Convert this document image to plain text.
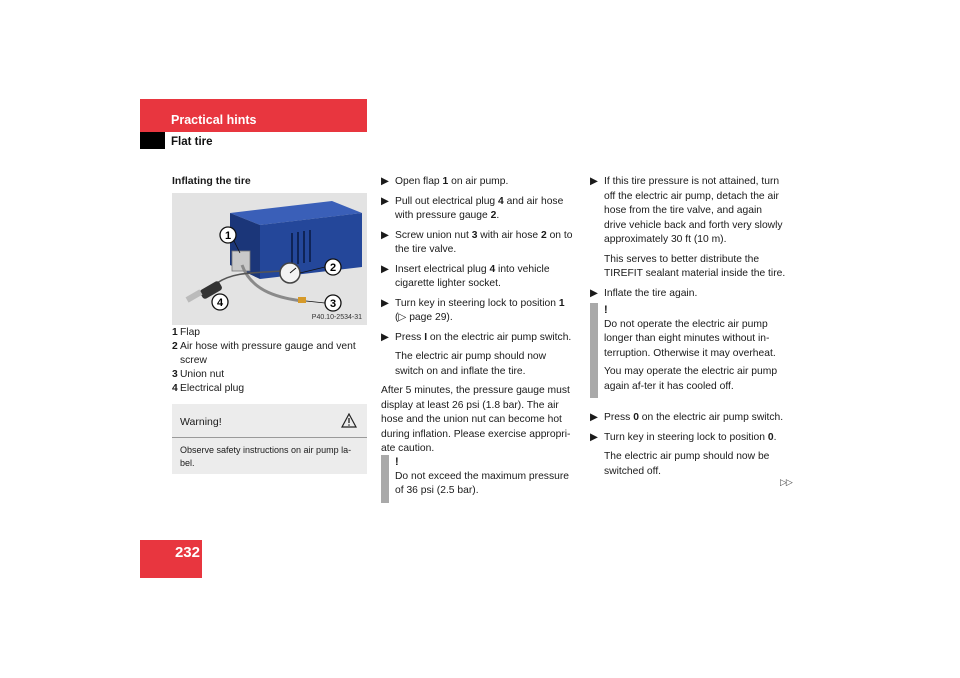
Practical hints
Flat tire
Inflating the tire
1
2
3
4
P40.10-2534-31
1 Flap
2 Air hose with pressure gauge and vent screw
3 Union nut
4 Electrical plug
Warning!
Observe safety instructions on air pump la-bel.
▶ Open flap 1 on air pump.
▶ Pull out electrical plug 4 and air hose with pressure gauge 2.
▶ Screw union nut 3 with air hose 2 on to the tire valve.
▶ Insert electrical plug 4 into vehicle cigarette lighter socket.
▶ Turn key in steering lock to position 1 (▷ page 29).
▶ Press I on the electric air pump switch.
The electric air pump should now switch on and inflate the tire.
After 5 minutes, the pressure gauge must display at least 26 psi (1.8 bar). The air hose and the union nut can become hot during inflation. Please exercise appropri-ate caution.
!

Do not exceed the maximum pressure of 36 psi (2.5 bar).

▶ If this tire pressure is not attained, turn off the electric air pump, detach the air hose from the tire valve, and again drive vehicle back and forth very slowly approximately 30 ft (10 m).
This serves to better distribute the TIREFIT sealant material inside the tire.
▶ Inflate the tire again.
!

Do not operate the electric air pump longer than eight minutes without in-terruption. Otherwise it may overheat.

You may operate the electric air pump again af-ter it has cooled off.

▶ Press 0 on the electric air pump switch.
▶ Turn key in steering lock to position 0.
The electric air pump should now be switched off.
▷▷
232
